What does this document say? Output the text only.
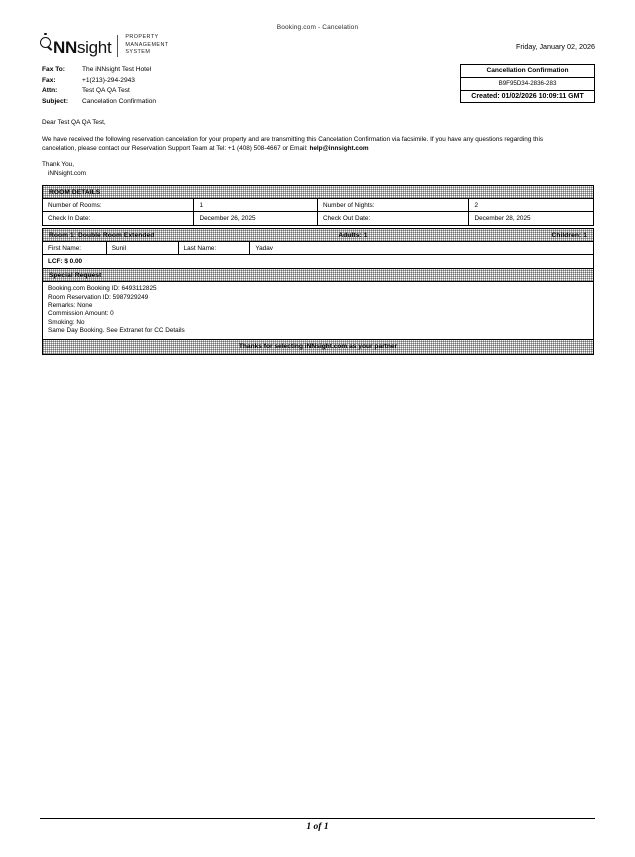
Booking.com - Cancelation
NN sight
PROPERTY
MANAGEMENT
SYSTEM
Fax To:	The iNNsight Test Hotel
Fax:	+1(213)-294-2943
Attn:	Test QA QA Test
Subject:	Cancelation Confirmation
Friday, January 02, 2026
Cancellation Confirmation
B9F95D34-2836-283
Created: 01/02/2026 10:09:11 GMT

Dear Test QA QA Test,

We have received the following reservation cancelation for your property and are transmitting this Cancelation Confirmation via facsimile. If you have any questions regarding this

cancelation, please contact our Reservation Support Team at Tel: +1 (408) 508-4667 or Email: help@innsight.com

Thank You,

iNNsight.com

ROOM DETAILS
Number of Rooms:	1	Number of Nights:	2
Check In Date:	December 26, 2025	Check Out Date:	December 28, 2025
Room 1: Double Room Extended	Adults: 1	Children: 1
First Name:	Sunil	Last Name:	Yadav
LCF: $ 0.00
Special Request
Booking.com Booking ID: 6493112825
Room Reservation ID: 5987929249
Remarks: None
Commission Amount: 0
Smoking: No
Same Day Booking. See Extranet for CC Details
Thanks for selecting iNNsight.com as your partner
1 of 1
